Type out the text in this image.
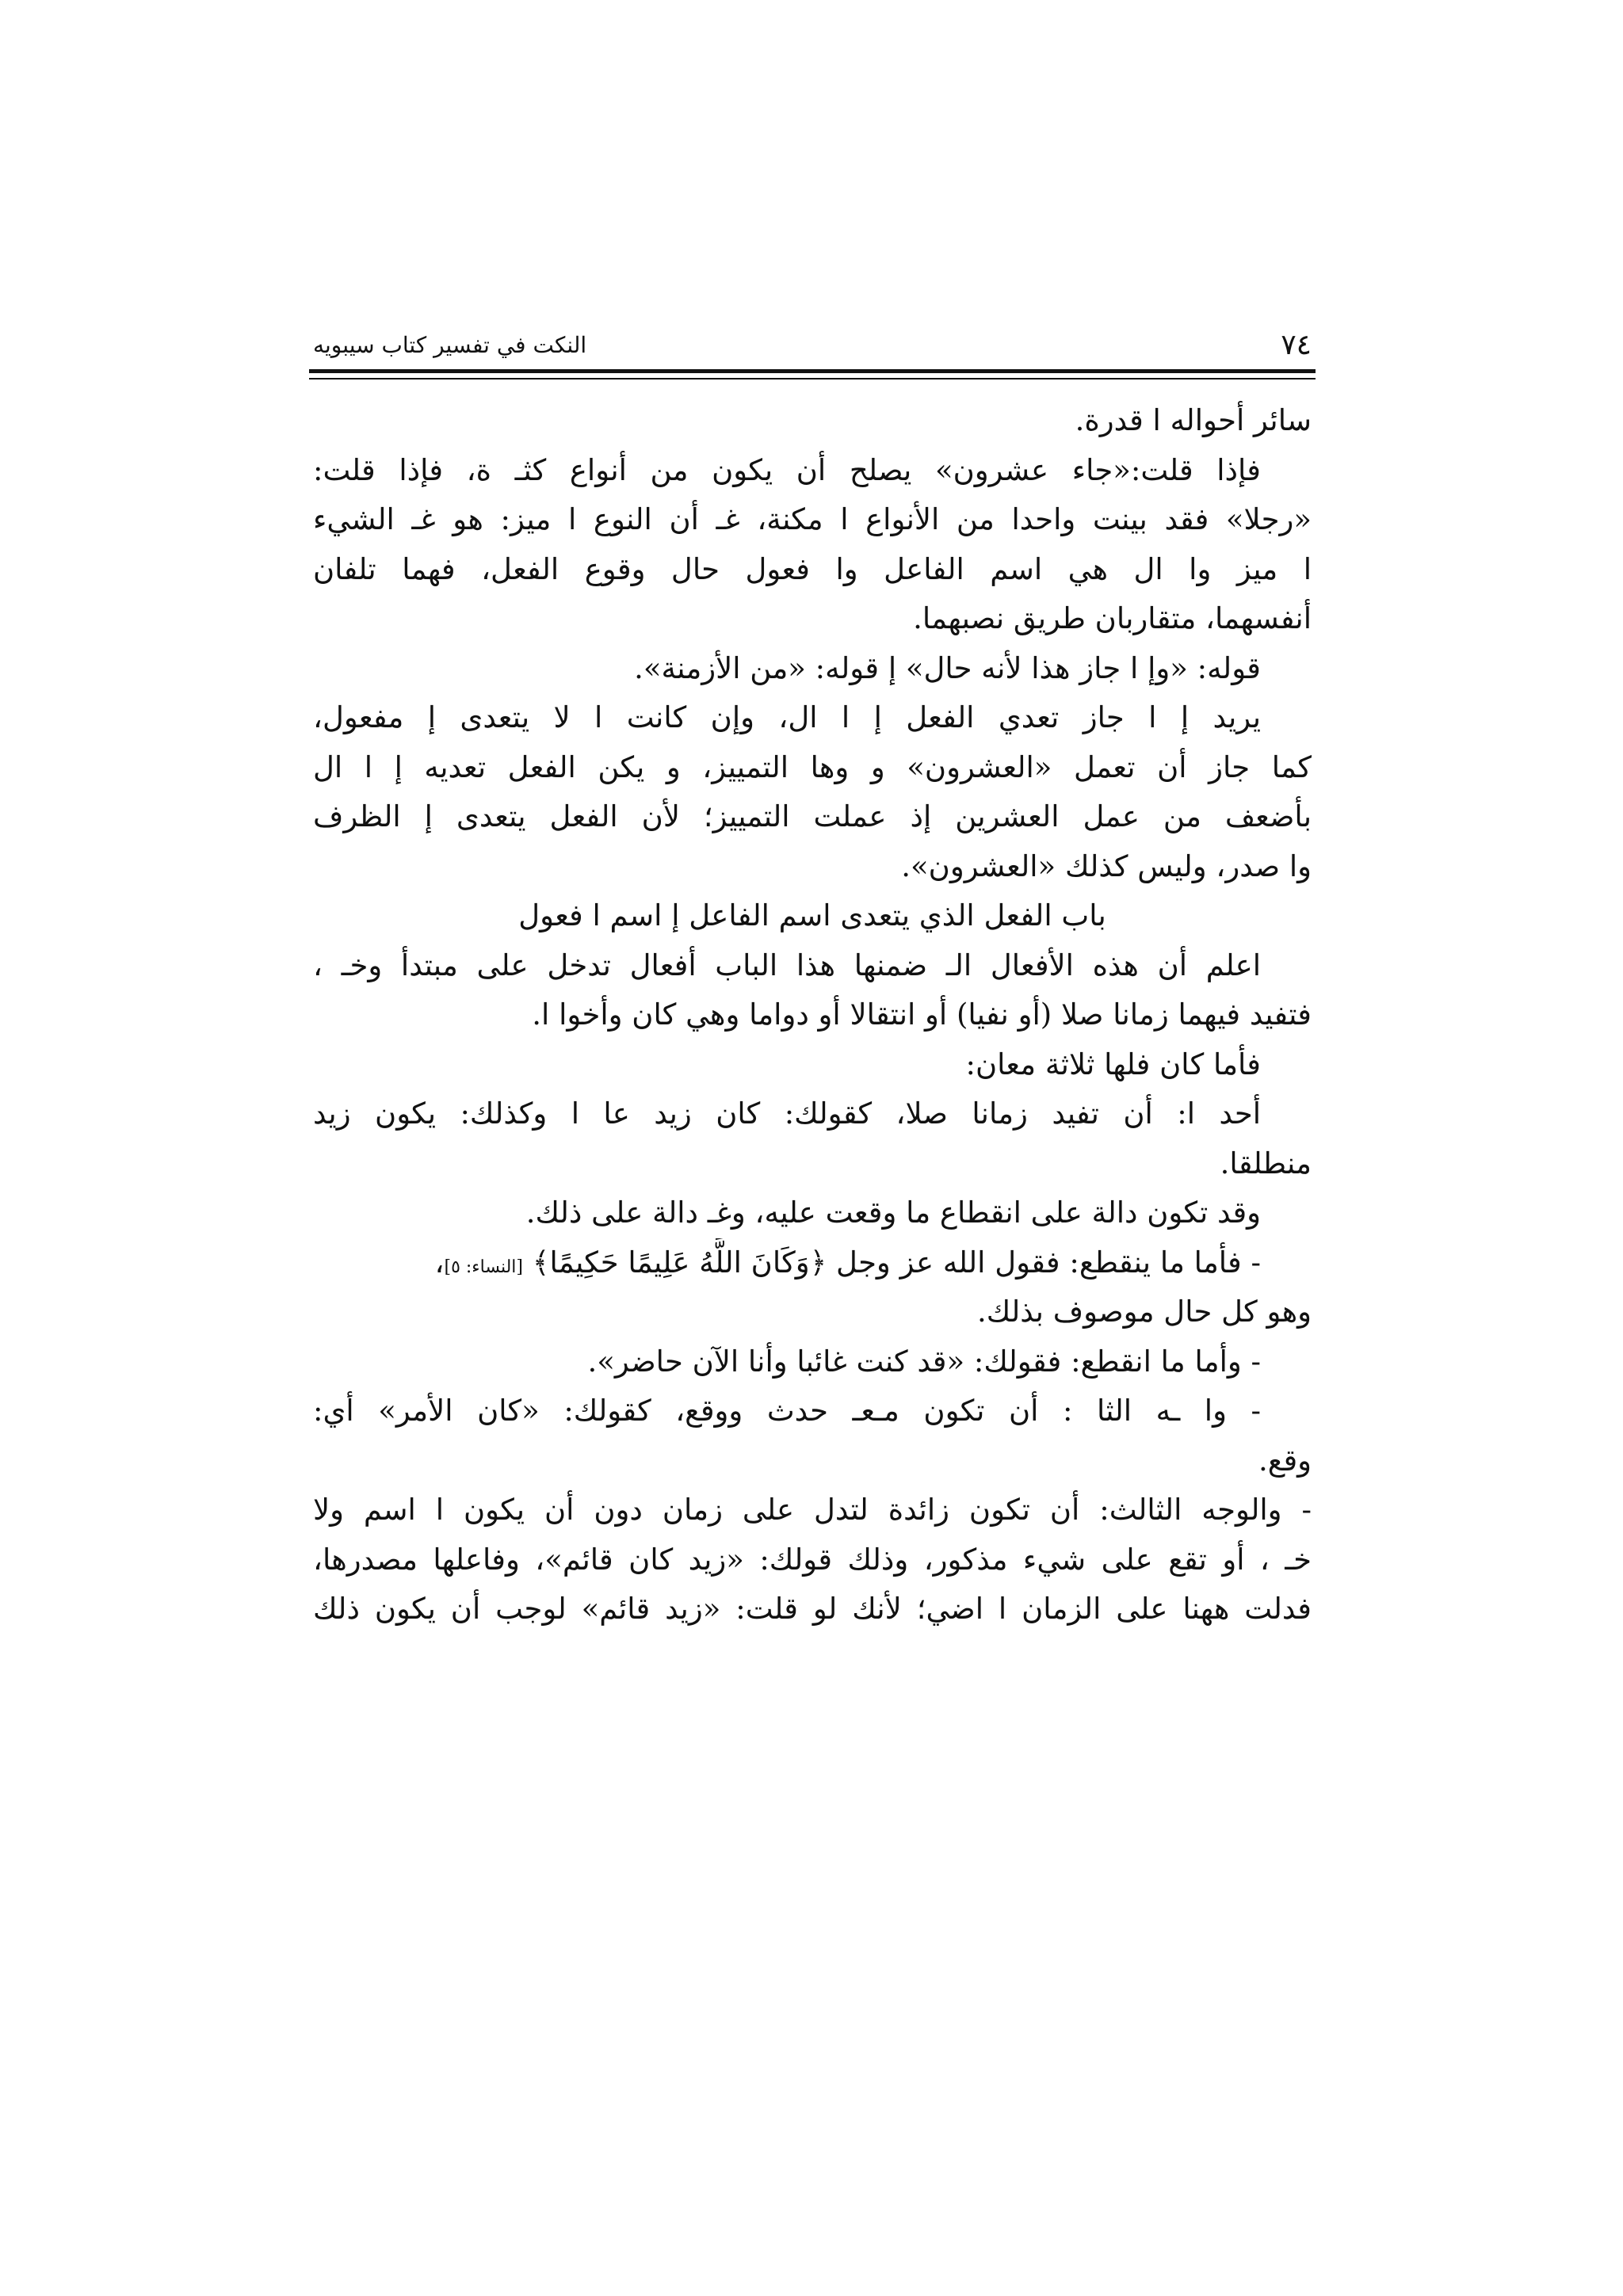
٧٤
النكت في تفسير كتاب سيبويه
سائر أحواله ا قدرة.
فإذا قلت:«جاء عشرون» يصلح أن يكون من أنواع كثـ ة، فإذا قلت:
«رجلا» فقد بينت واحدا من الأنواع ا مكنة، غـ أن النوع ا ميز: هو غـ الشيء
ا ميز وا ال هي اسم الفاعل وا فعول حال وقوع الفعل، فهما تلفان
أنفسهما، متقاربان طريق نصبهما.
قوله: «وإ ا جاز هذا لأنه حال» إ قوله: «من الأزمنة».
يريد إ ا جاز تعدي الفعل إ ا ال، وإن كانت ا لا يتعدى إ مفعول،
كما جاز أن تعمل «العشرون» و وها التمييز، و يكن الفعل تعديه إ ا ال
بأضعف من عمل العشرين إذ عملت التمييز؛ لأن الفعل يتعدى إ الظرف
وا صدر، وليس كذلك «العشرون».
باب الفعل الذي يتعدى اسم الفاعل إ اسم ا فعول
اعلم أن هذه الأفعال الـ ضمنها هذا الباب أفعال تدخل على مبتدأ وخـ ،
فتفيد فيهما زمانا صلا (أو نفيا) أو انتقالا أو دواما وهي كان وأخوا ا.
فأما كان فلها ثلاثة معان:
أحد ا: أن تفيد زمانا صلا، كقولك: كان زيد عا ا وكذلك: يكون زيد
منطلقا.
وقد تكون دالة على انقطاع ما وقعت عليه، وغـ دالة على ذلك.
- فأما ما ينقطع: فقول الله عز وجل ﴿وَكَانَ اللَّهُ عَلِيمًا حَكِيمًا﴾ [النساء: ٥]،
وهو كل حال موصوف بذلك.
- وأما ما انقطع: فقولك: «قد كنت غائبا وأنا الآن حاضر».
- وا ـه الثا : أن تكون مـعـ حدث ووقع، كقولك: «كان الأمر» أي:
وقع.
- والوجه الثالث: أن تكون زائدة لتدل على زمان دون أن يكون ا اسم ولا
خـ ، أو تقع على شيء مذكور، وذلك قولك: «زيد كان قائم»، وفاعلها مصدرها،
فدلت ههنا على الزمان ا اضي؛ لأنك لو قلت: «زيد قائم» لوجب أن يكون ذلك
